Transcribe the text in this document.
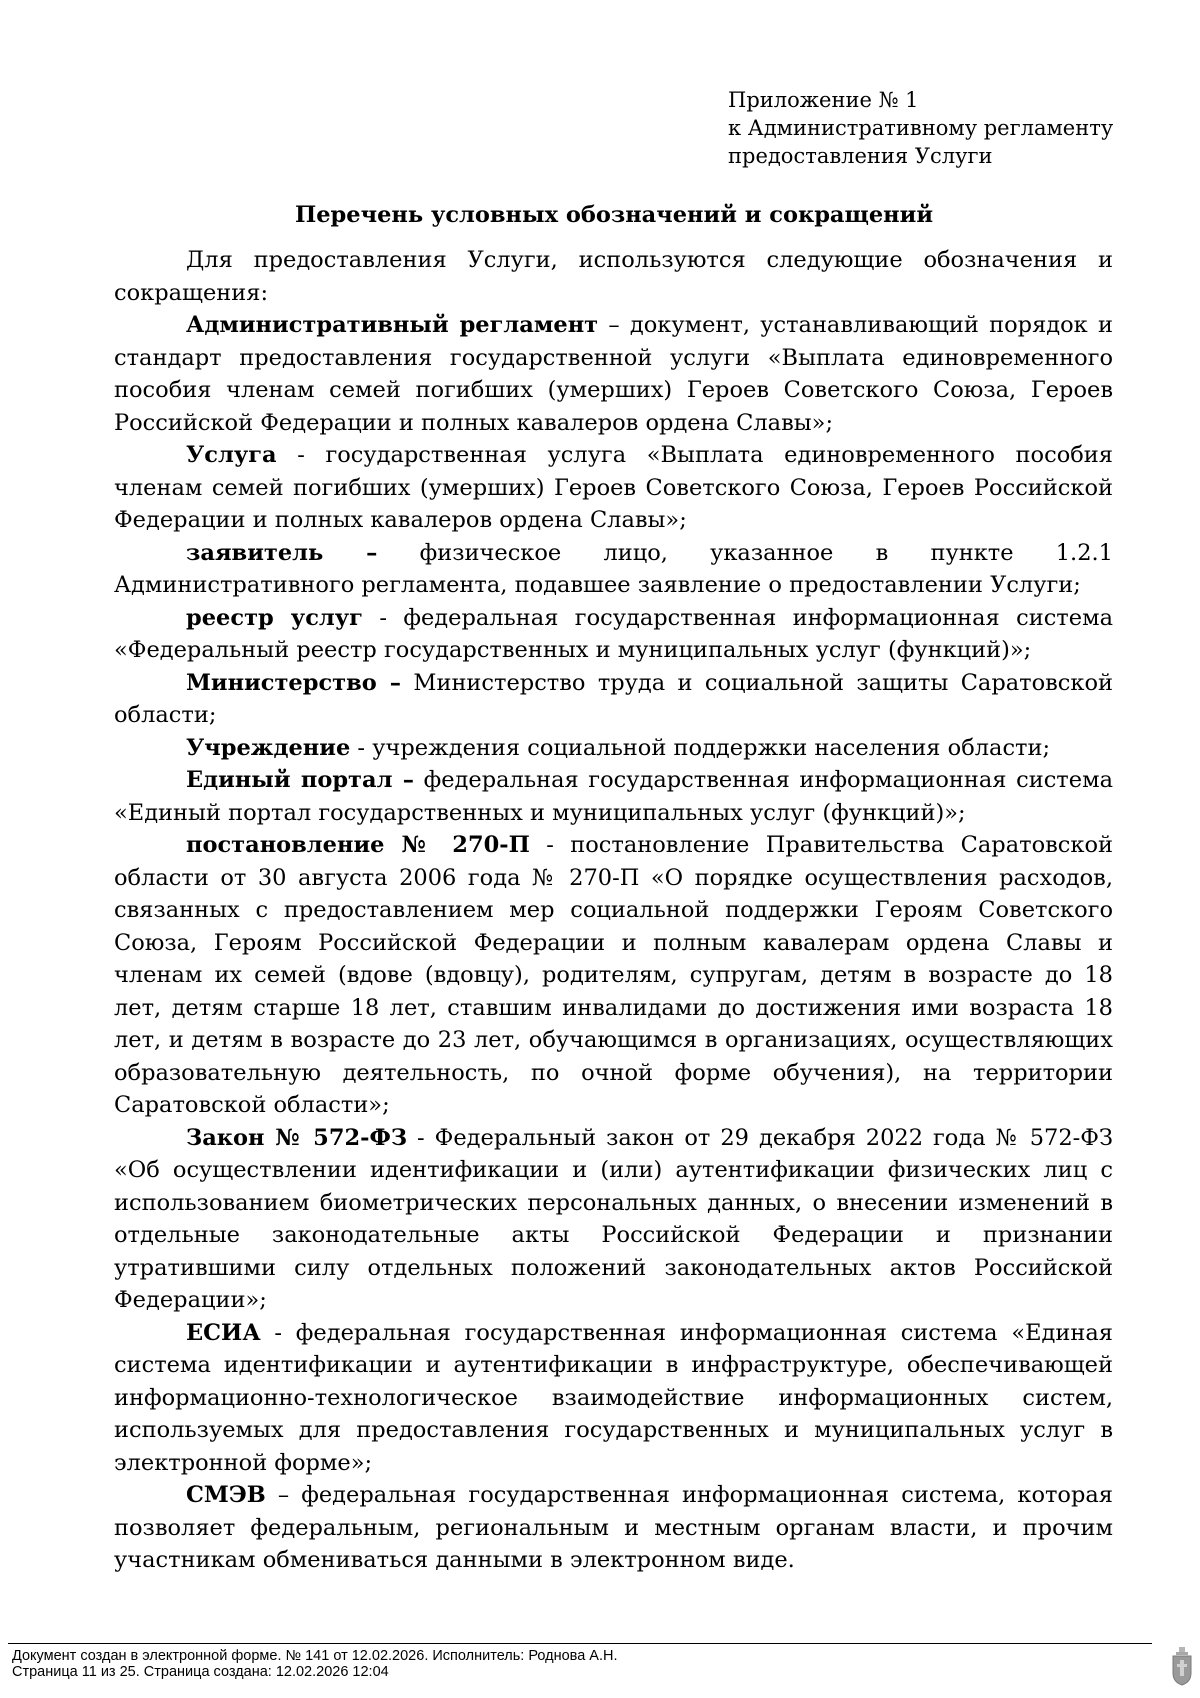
Приложение № 1
к Административному регламенту
предоставления Услуги
Перечень условных обозначений и сокращений

Для предоставления Услуги, используются следующие обозначения и сокращения:

Административный регламент – документ, устанавливающий порядок и стандарт предоставления государственной услуги «Выплата единовременного пособия членам семей погибших (умерших) Героев Советского Союза, Героев Российской Федерации и полных кавалеров ордена Славы»;

Услуга - государственная услуга «Выплата единовременного пособия членам семей погибших (умерших) Героев Советского Союза, Героев Российской Федерации и полных кавалеров ордена Славы»;

заявитель – физическое лицо, указанное в пункте 1.2.1 Административного регламента, подавшее заявление о предоставлении Услуги;

реестр услуг - федеральная государственная информационная система «Федеральный реестр государственных и муниципальных услуг (функций)»;

Министерство – Министерство труда и социальной защиты Саратовской области;

Учреждение - учреждения социальной поддержки населения области;

Единый портал – федеральная государственная информационная система «Единый портал государственных и муниципальных услуг (функций)»;

постановление № 270-П - постановление Правительства Саратовской области от 30 августа 2006 года № 270-П «О порядке осуществления расходов, связанных с предоставлением мер социальной поддержки Героям Советского Союза, Героям Российской Федерации и полным кавалерам ордена Славы и членам их семей (вдове (вдовцу), родителям, супругам, детям в возрасте до 18 лет, детям старше 18 лет, ставшим инвалидами до достижения ими возраста 18 лет, и детям в возрасте до 23 лет, обучающимся в организациях, осуществляющих образовательную деятельность, по очной форме обучения), на территории Саратовской области»;

Закон № 572-ФЗ - Федеральный закон от 29 декабря 2022 года № 572-ФЗ «Об осуществлении идентификации и (или) аутентификации физических лиц с использованием биометрических персональных данных, о внесении изменений в отдельные законодательные акты Российской Федерации и признании утратившими силу отдельных положений законодательных актов Российской Федерации»;

ЕСИА - федеральная государственная информационная система «Единая система идентификации и аутентификации в инфраструктуре, обеспечивающей информационно-технологическое взаимодействие информационных систем, используемых для предоставления государственных и муниципальных услуг в электронной форме»;

СМЭВ – федеральная государственная информационная система, которая позволяет федеральным, региональным и местным органам власти, и прочим участникам обмениваться данными в электронном виде.

Документ создан в электронной форме. № 141 от 12.02.2026. Исполнитель: Роднова А.Н.
Страница 11 из 25. Страница создана: 12.02.2026 12:04
